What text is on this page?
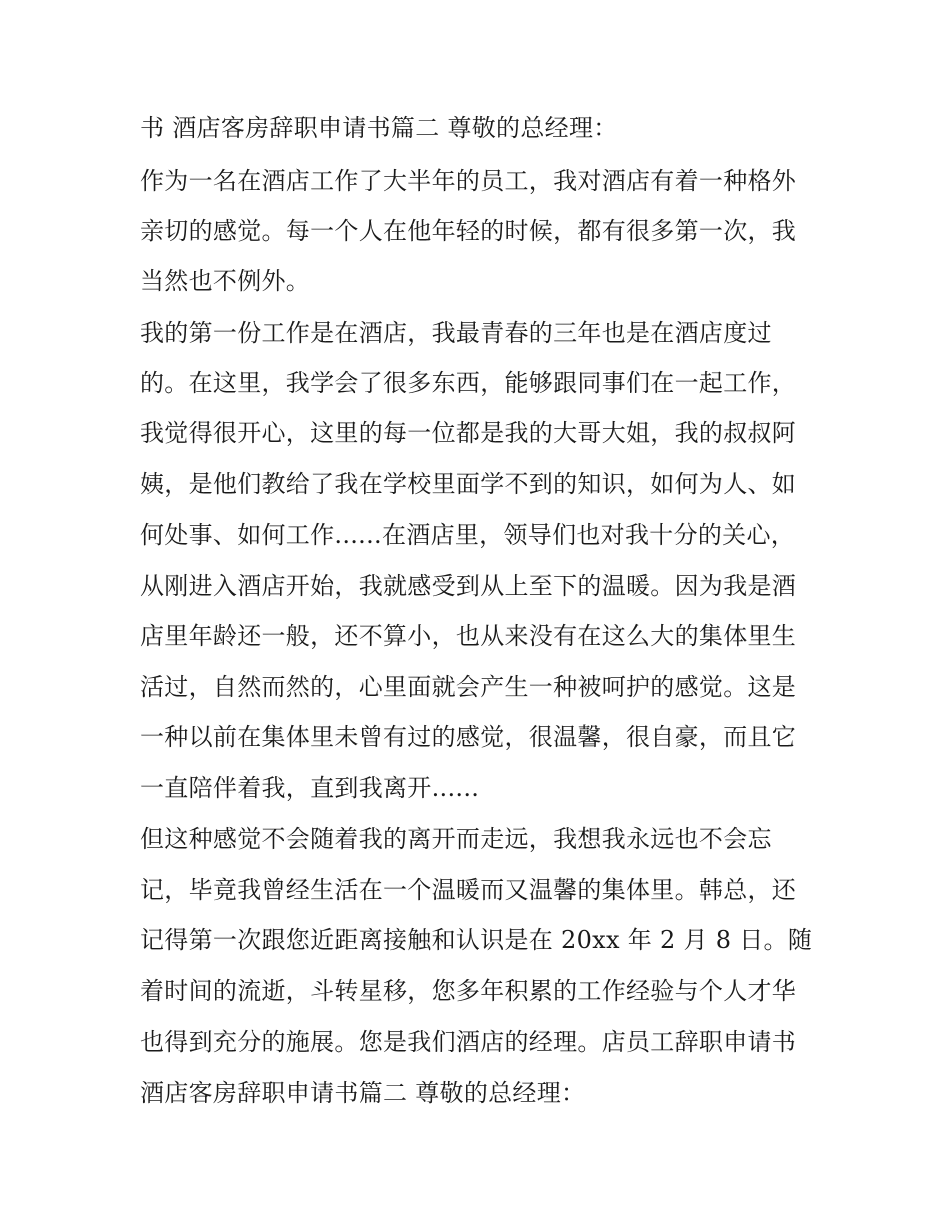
书 酒店客房辞职申请书篇二 尊敬的总经理：
作为一名在酒店工作了大半年的员工，我对酒店有着一种格外
亲切的感觉。每一个人在他年轻的时候，都有很多第一次，我
当然也不例外。
我的第一份工作是在酒店，我最青春的三年也是在酒店度过
的。在这里，我学会了很多东西，能够跟同事们在一起工作，
我觉得很开心，这里的每一位都是我的大哥大姐，我的叔叔阿
姨，是他们教给了我在学校里面学不到的知识，如何为人、如
何处事、如何工作......在酒店里，领导们也对我十分的关心，
从刚进入酒店开始，我就感受到从上至下的温暖。因为我是酒
店里年龄还一般，还不算小，也从来没有在这么大的集体里生
活过，自然而然的，心里面就会产生一种被呵护的感觉。这是
一种以前在集体里未曾有过的感觉，很温馨，很自豪，而且它
一直陪伴着我，直到我离开......
但这种感觉不会随着我的离开而走远，我想我永远也不会忘
记，毕竟我曾经生活在一个温暖而又温馨的集体里。韩总，还
记得第一次跟您近距离接触和认识是在 20xx 年 2 月 8 日。随
着时间的流逝，斗转星移，您多年积累的工作经验与个人才华
也得到充分的施展。您是我们酒店的经理。店员工辞职申请书
酒店客房辞职申请书篇二 尊敬的总经理：
